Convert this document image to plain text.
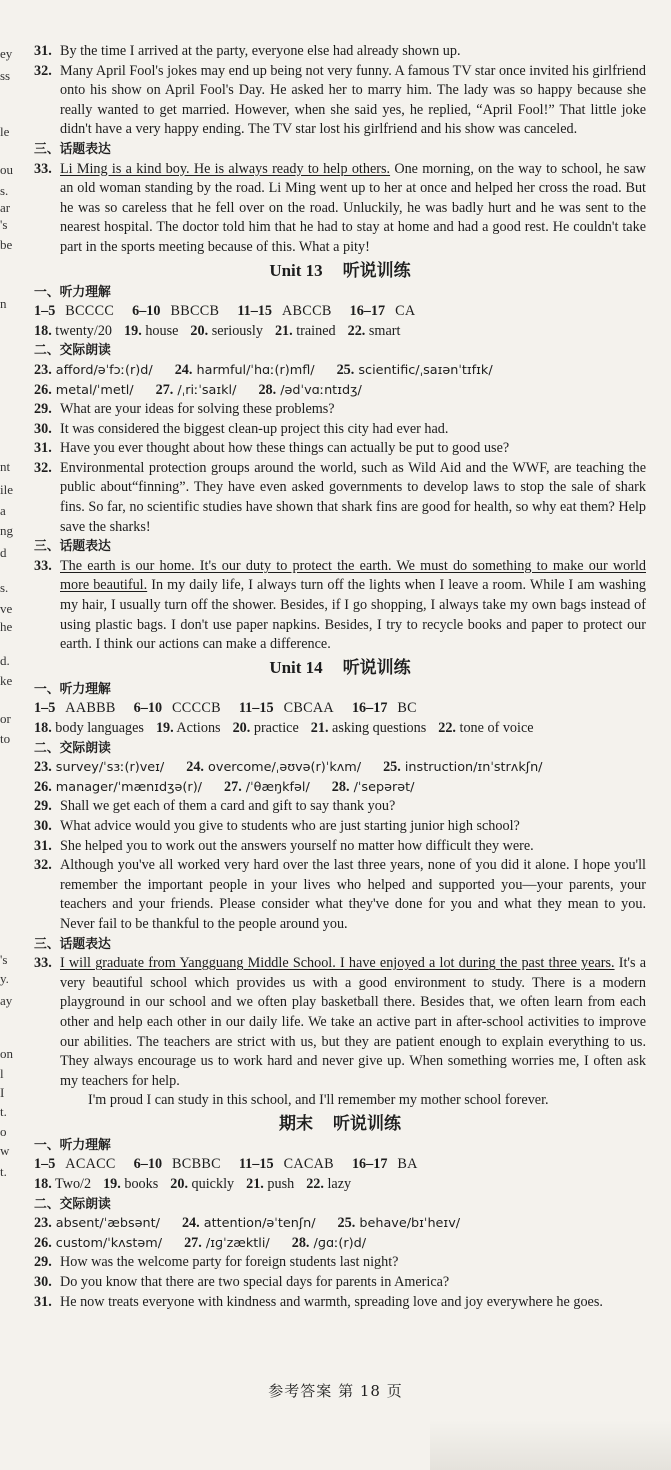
ey
ss
le
ou
s.
ar
's
be
n
nt
ile
a
ng
d
s.
ve
he
d.
ke
or
to
's
y.
ay
on
l
I
t.
o
w
t.
31. By the time I arrived at the party, everyone else had already shown up.
32. Many April Fool's jokes may end up being not very funny. A famous TV star once invited his girlfriend onto his show on April Fool's Day. He asked her to marry him. The lady was so happy because she really wanted to get married. However, when she said yes, he replied, “April Fool!” That little joke didn't have a very happy ending. The TV star lost his girlfriend and his show was canceled.
三、话题表达
33. Li Ming is a kind boy. He is always ready to help others. One morning, on the way to school, he saw an old woman standing by the road. Li Ming went up to her at once and helped her cross the road. But he was so careless that he fell over on the road. Unluckily, he was badly hurt and he was sent to the nearest hospital. The doctor told him that he had to stay at home and had a good rest. He couldn't take part in the sports meeting because of this. What a pity!
Unit 13 听说训练
一、听力理解
1–5 BCCCC 6–10 BBCCB 11–15 ABCCB 16–17 CA
18. twenty/20 19. house 20. seriously 21. trained 22. smart
二、交际朗读
23. afford/əˈfɔː(r)d/ 24. harmful/ˈhɑː(r)mfl/ 25. scientific/ˌsaɪənˈtɪfɪk/
26. metal/ˈmetl/ 27. /ˌriːˈsaɪkl/ 28. /ədˈvɑːntɪdʒ/
29. What are your ideas for solving these problems?
30. It was considered the biggest clean-up project this city had ever had.
31. Have you ever thought about how these things can actually be put to good use?
32. Environmental protection groups around the world, such as Wild Aid and the WWF, are teaching the public about“finning”. They have even asked governments to develop laws to stop the sale of shark fins. So far, no scientific studies have shown that shark fins are good for health, so why eat them? Help save the sharks!
三、话题表达
33. The earth is our home. It's our duty to protect the earth. We must do something to make our world more beautiful. In my daily life, I always turn off the lights when I leave a room. While I am washing my hair, I usually turn off the shower. Besides, if I go shopping, I always take my own bags instead of using plastic bags. I don't use paper napkins. Besides, I try to recycle books and paper to protect our earth. I think our actions can make a difference.
Unit 14 听说训练
一、听力理解
1–5 AABBB 6–10 CCCCB 11–15 CBCAA 16–17 BC
18. body languages 19. Actions 20. practice 21. asking questions 22. tone of voice
二、交际朗读
23. survey/ˈsɜː(r)veɪ/ 24. overcome/ˌəʊvə(r)ˈkʌm/ 25. instruction/ɪnˈstrʌkʃn/
26. manager/ˈmænɪdʒə(r)/ 27. /ˈθæŋkfəl/ 28. /ˈsepərət/
29. Shall we get each of them a card and gift to say thank you?
30. What advice would you give to students who are just starting junior high school?
31. She helped you to work out the answers yourself no matter how difficult they were.
32. Although you've all worked very hard over the last three years, none of you did it alone. I hope you'll remember the important people in your lives who helped and supported you—your parents, your teachers and your friends. Please consider what they've done for you and what they mean to you. Never fail to be thankful to the people around you.
三、话题表达
33. I will graduate from Yangguang Middle School. I have enjoyed a lot during the past three years. It's a very beautiful school which provides us with a good environment to study. There is a modern playground in our school and we often play basketball there. Besides that, we often learn from each other and help each other in our daily life. We take an active part in after-school activities to improve our abilities. The teachers are strict with us, but they are patient enough to explain everything to us. They always encourage us to work hard and never give up. When something worries me, I often ask my teachers for help.
I'm proud I can study in this school, and I'll remember my mother school forever.
期末 听说训练
一、听力理解
1–5 ACACC 6–10 BCBBC 11–15 CACAB 16–17 BA
18. Two/2 19. books 20. quickly 21. push 22. lazy
二、交际朗读
23. absent/ˈæbsənt/ 24. attention/əˈtenʃn/ 25. behave/bɪˈheɪv/
26. custom/ˈkʌstəm/ 27. /ɪɡˈzæktli/ 28. /ɡɑː(r)d/
29. How was the welcome party for foreign students last night?
30. Do you know that there are two special days for parents in America?
31. He now treats everyone with kindness and warmth, spreading love and joy everywhere he goes.
参考答案 第 18 页
